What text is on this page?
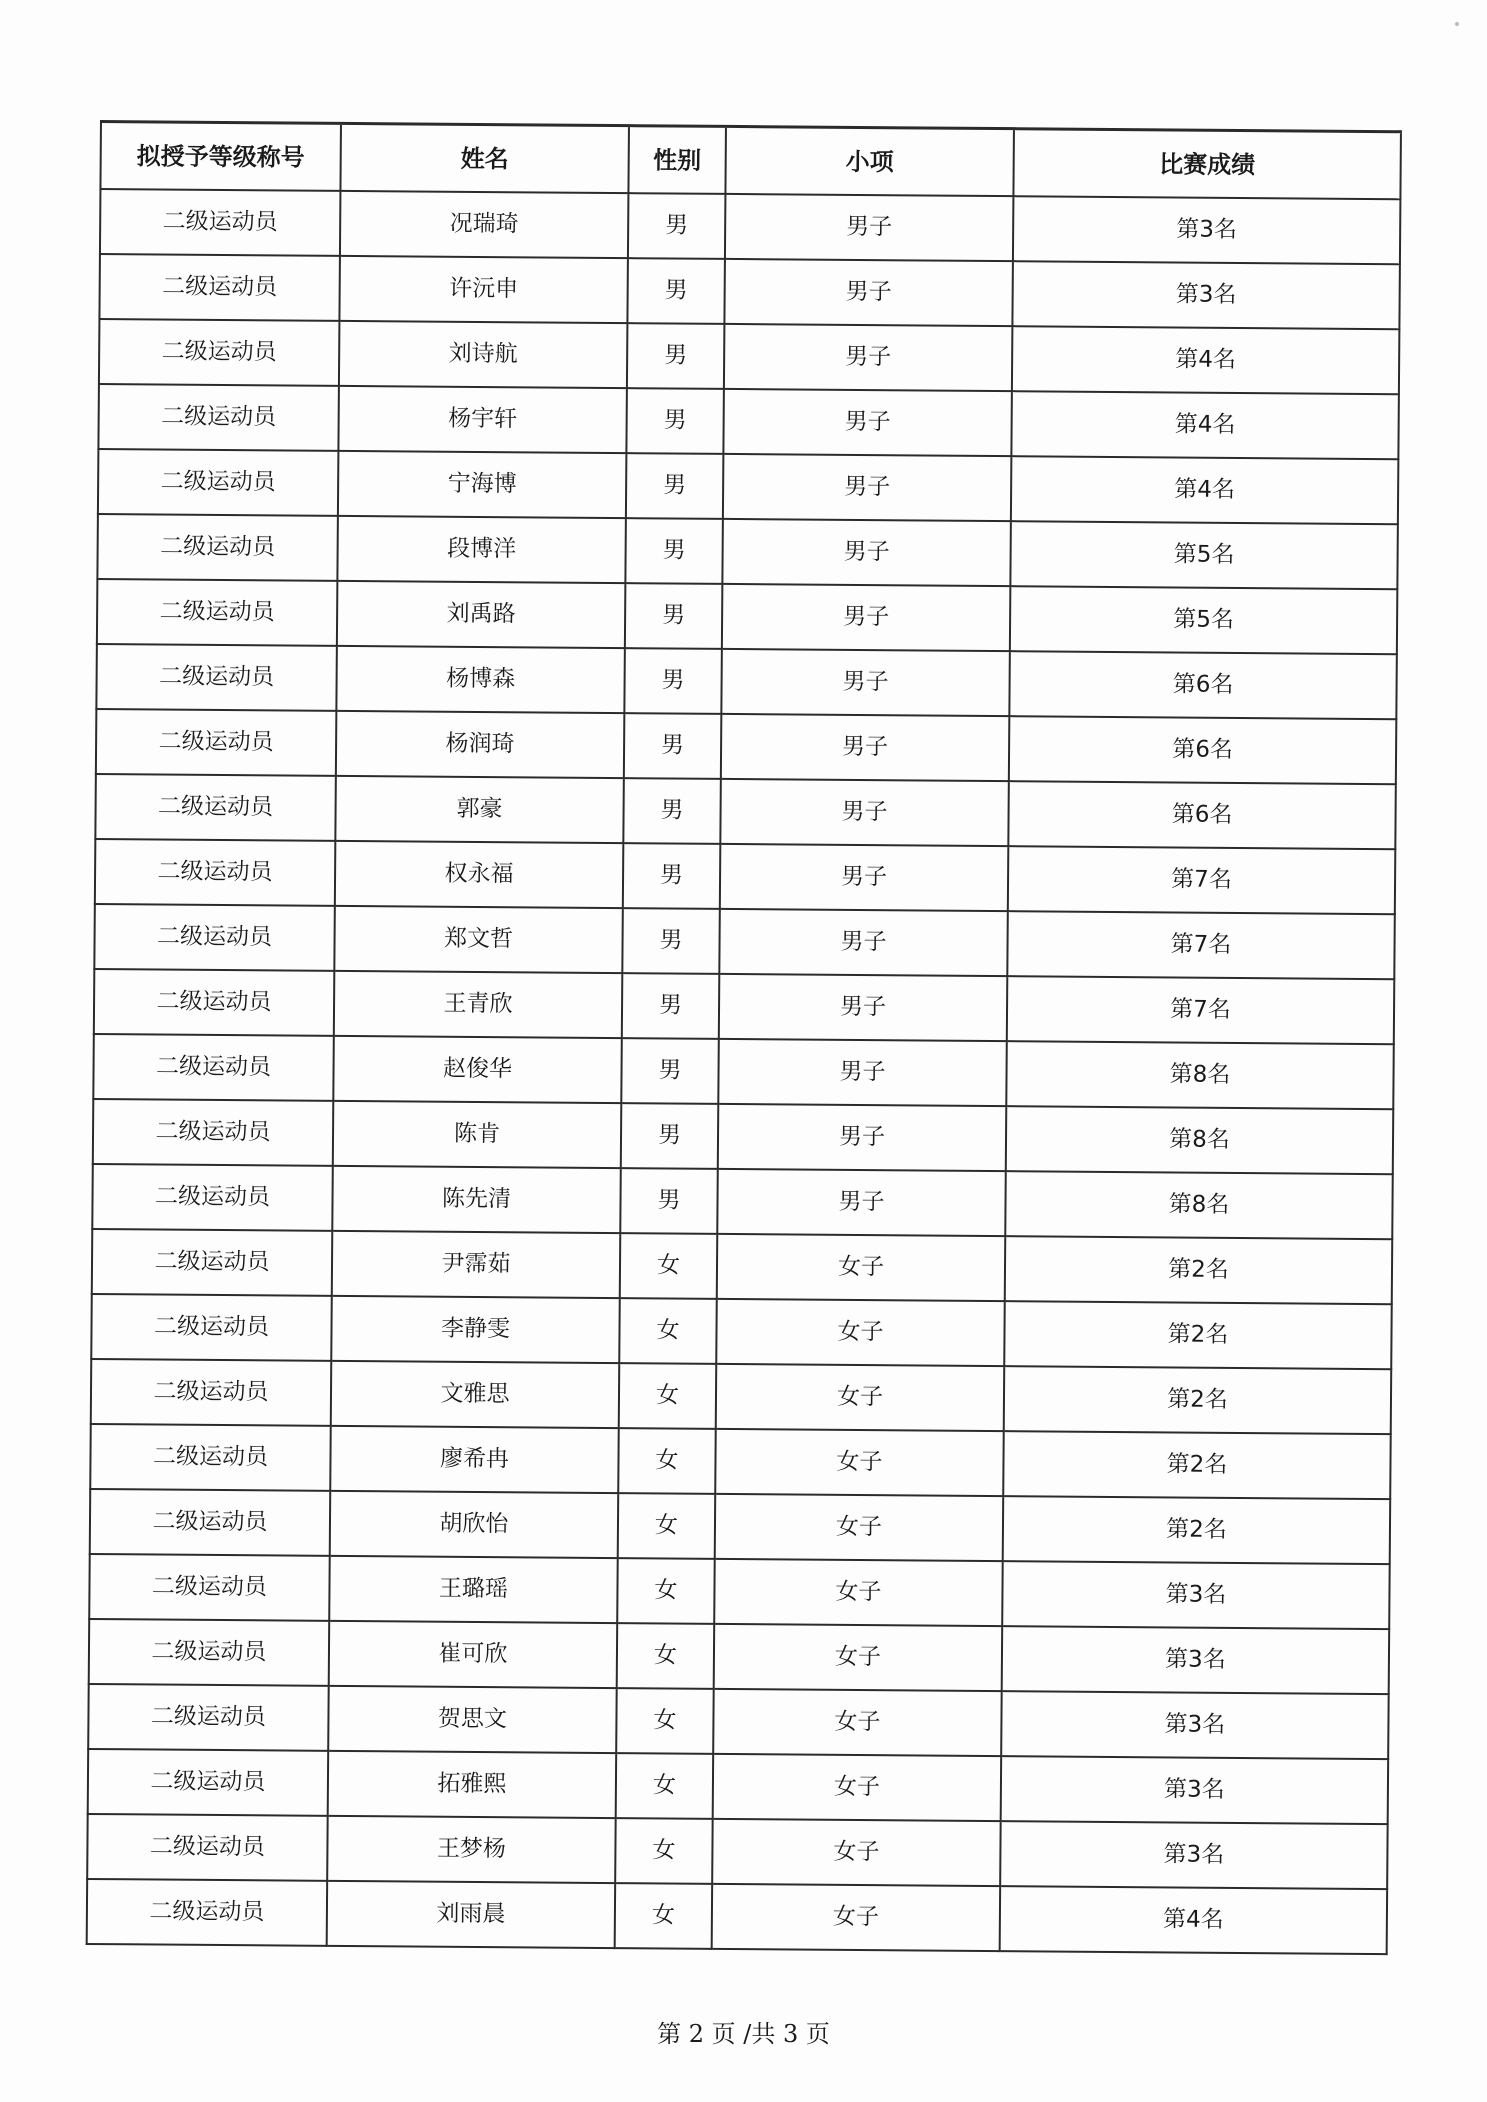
拟授予等级称号	姓名	性别	小项	比赛成绩
二级运动员	况瑞琦	男	男子	第3名
二级运动员	许沅申	男	男子	第3名
二级运动员	刘诗航	男	男子	第4名
二级运动员	杨宇轩	男	男子	第4名
二级运动员	宁海博	男	男子	第4名
二级运动员	段博洋	男	男子	第5名
二级运动员	刘禹路	男	男子	第5名
二级运动员	杨博森	男	男子	第6名
二级运动员	杨润琦	男	男子	第6名
二级运动员	郭豪	男	男子	第6名
二级运动员	权永福	男	男子	第7名
二级运动员	郑文哲	男	男子	第7名
二级运动员	王青欣	男	男子	第7名
二级运动员	赵俊华	男	男子	第8名
二级运动员	陈肯	男	男子	第8名
二级运动员	陈先清	男	男子	第8名
二级运动员	尹霈茹	女	女子	第2名
二级运动员	李静雯	女	女子	第2名
二级运动员	文雅思	女	女子	第2名
二级运动员	廖希冉	女	女子	第2名
二级运动员	胡欣怡	女	女子	第2名
二级运动员	王璐瑶	女	女子	第3名
二级运动员	崔可欣	女	女子	第3名
二级运动员	贺思文	女	女子	第3名
二级运动员	拓雅熙	女	女子	第3名
二级运动员	王梦杨	女	女子	第3名
二级运动员	刘雨晨	女	女子	第4名
第 2 页 /共 3 页
